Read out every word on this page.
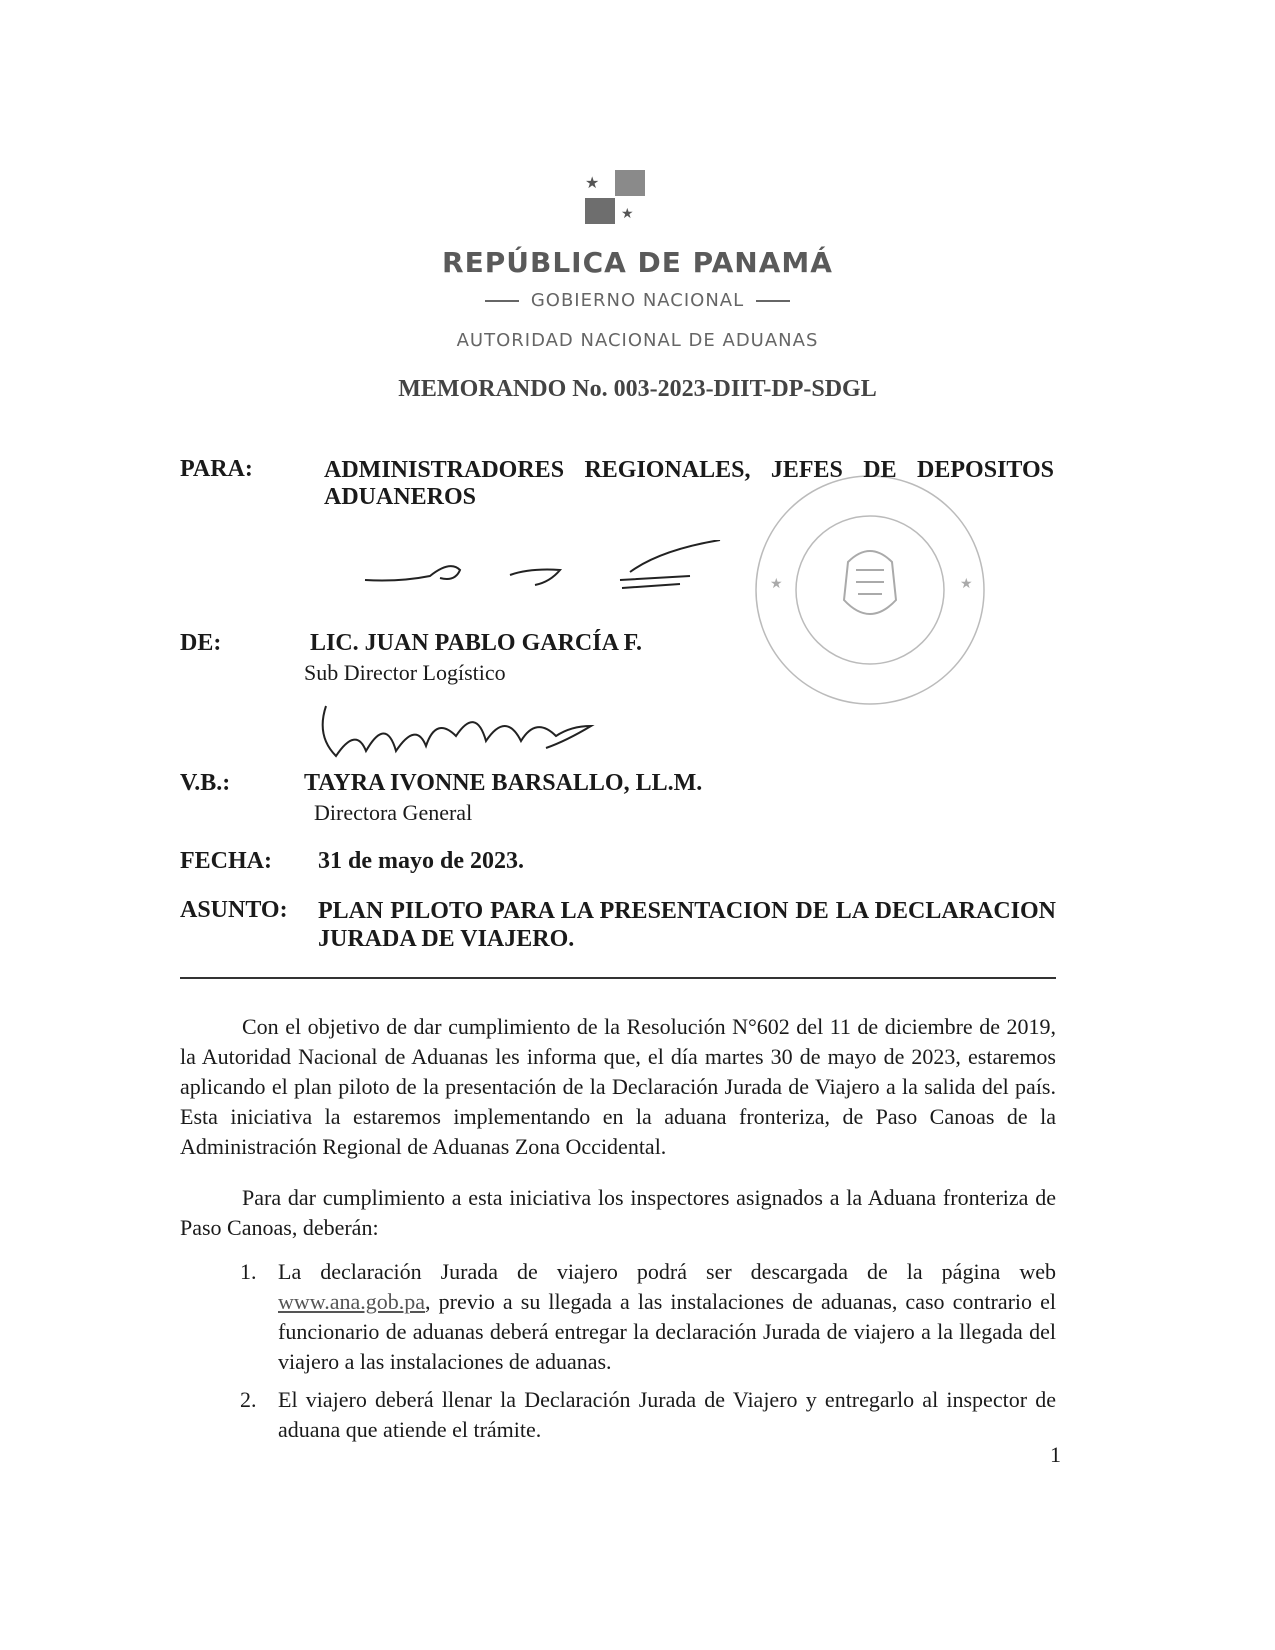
★
★
REPÚBLICA DE PANAMÁ
GOBIERNO NACIONAL
AUTORIDAD NACIONAL DE ADUANAS
MEMORANDO No. 003-2023-DIIT-DP-SDGL
★	★
PARA:	ADMINISTRADORES REGIONALES, JEFES DE DEPOSITOS
ADUANEROS
DE:	LIC. JUAN PABLO GARCÍA F.
Sub Director Logístico
V.B.:	TAYRA IVONNE BARSALLO, LL.M.
Directora General
FECHA: 31 de mayo de 2023.
ASUNTO: PLAN PILOTO PARA LA PRESENTACION DE LA DECLARACION
JURADA DE VIAJERO.
Con el objetivo de dar cumplimiento de la Resolución N°602 del 11 de diciembre de 2019, la Autoridad Nacional de Aduanas les informa que, el día martes 30 de mayo de 2023, estaremos aplicando el plan piloto de la presentación de la Declaración Jurada de Viajero a la salida del país. Esta iniciativa la estaremos implementando en la aduana fronteriza, de Paso Canoas de la Administración Regional de Aduanas Zona Occidental.
Para dar cumplimiento a esta iniciativa los inspectores asignados a la Aduana fronteriza de Paso Canoas, deberán:
1. La declaración Jurada de viajero podrá ser descargada de la página web www.ana.gob.pa, previo a su llegada a las instalaciones de aduanas, caso contrario el funcionario de aduanas deberá entregar la declaración Jurada de viajero a la llegada del viajero a las instalaciones de aduanas.
2. El viajero deberá llenar la Declaración Jurada de Viajero y entregarlo al inspector de aduana que atiende el trámite.
1
